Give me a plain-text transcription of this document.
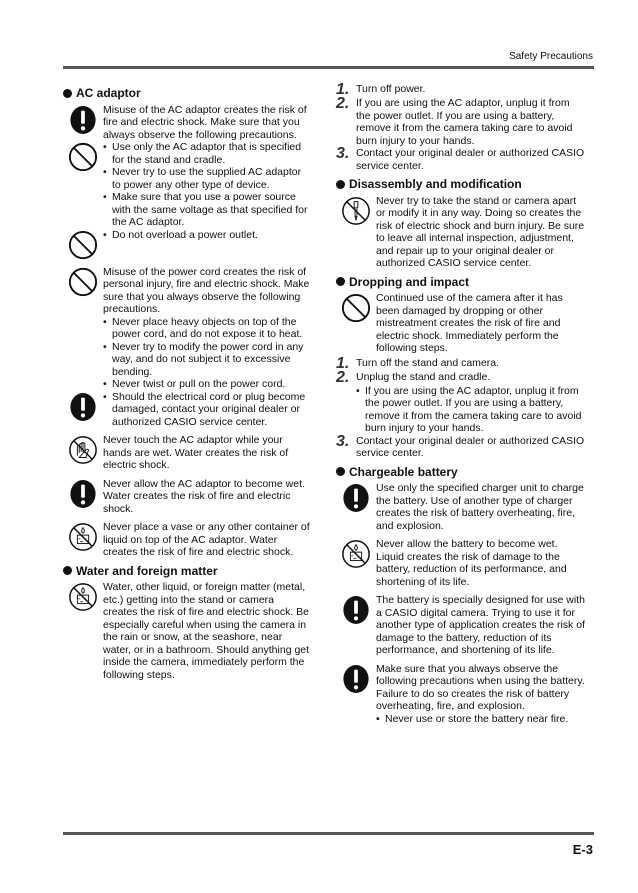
Safety Precautions
AC adaptor

Misuse of the AC adaptor creates the risk of fire and electric shock. Make sure that you always observe the following precautions.

• Use only the AC adaptor that is specified for the stand and cradle.
• Never try to use the supplied AC adaptor to power any other type of device.
• Make sure that you use a power source with the same voltage as that specified for the AC adaptor.
• Do not overload a power outlet.

Misuse of the power cord creates the risk of personal injury, fire and electric shock. Make sure that you always observe the following precautions.

• Never place heavy objects on top of the power cord, and do not expose it to heat.
• Never try to modify the power cord in any way, and do not subject it to excessive bending.
• Never twist or pull on the power cord.
• Should the electrical cord or plug become damaged, contact your original dealer or authorized CASIO service center.

Never touch the AC adaptor while your hands are wet. Water creates the risk of electric shock.

Never allow the AC adaptor to become wet. Water creates the risk of fire and electric shock.

Never place a vase or any other container of liquid on top of the AC adaptor. Water creates the risk of fire and electric shock.

Water and foreign matter

Water, other liquid, or foreign matter (metal, etc.) getting into the stand or camera creates the risk of fire and electric shock. Be especially careful when using the camera in the rain or snow, at the seashore, near water, or in a bathroom. Should anything get inside the camera, immediately perform the following steps.

1. Turn off power.
2. If you are using the AC adaptor, unplug it from the power outlet. If you are using a battery, remove it from the camera taking care to avoid burn injury to your hands.
3. Contact your original dealer or authorized CASIO service center.
Disassembly and modification

Never try to take the stand or camera apart or modify it in any way. Doing so creates the risk of electric shock and burn injury. Be sure to leave all internal inspection, adjustment, and repair up to your original dealer or authorized CASIO service center.

Dropping and impact

Continued use of the camera after it has been damaged by dropping or other mistreatment creates the risk of fire and electric shock. Immediately perform the following steps.

1. Turn off the stand and camera.
2. Unplug the stand and cradle.
• If you are using the AC adaptor, unplug it from the power outlet. If you are using a battery, remove it from the camera taking care to avoid burn injury to your hands.
3. Contact your original dealer or authorized CASIO service center.
Chargeable battery

Use only the specified charger unit to charge the battery. Use of another type of charger creates the risk of battery overheating, fire, and explosion.

Never allow the battery to become wet. Liquid creates the risk of damage to the battery, reduction of its performance, and shortening of its life.

The battery is specially designed for use with a CASIO digital camera. Trying to use it for another type of application creates the risk of damage to the battery, reduction of its performance, and shortening of its life.

Make sure that you always observe the following precautions when using the battery. Failure to do so creates the risk of battery overheating, fire, and explosion.

• Never use or store the battery near fire.
E-3
